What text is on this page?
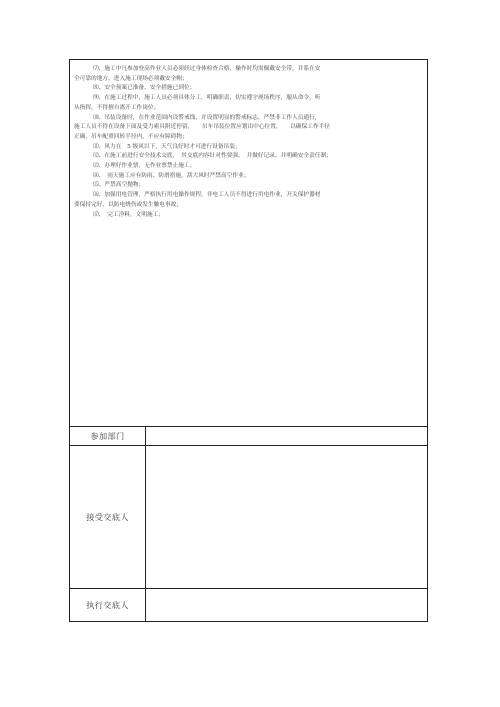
⑺、施工中凡参加登高作业人员必须经过身体检查合格，操作时均需佩戴安全带，并系在安
全可靠的地方，进入施工现场必须戴安全帽；
⑻、安全预案已准备，安全措施已到位；
⑼、在施工过程中，施工人员必须具体分工，明确职责，切实遵守现场秩序，服从命令，听
从指挥，不得擅自离开工作岗位；
⑽、吊装设备时，在作业范围内设警戒线，并设置明显的警戒标志，严禁非工作人员通行，
施工人员不得在设备下面及受力索具附近停留，　　吊车吊装位置应划出中心位置，　　以确保工作半径
正确，吊车配重回转半径内，不应有障碍物；
⑾、风力在　5 级风以下，天气良好时才可进行设备吊装；
⑿、在施工前进行安全技术交底，　其交底内容针对性要强，　并做好记录，并明确安全责任制；
⒀、办理好作业票，无作业票禁止施工；
⒁、　雨天施工应有防雨、防滑措施，刮大风时严禁高空作业；
⒂、严禁高空抛物；
⒃、加强用电管理，严格执行用电操作规程，非电工人员不得进行用电作业，开关保护器材
要保持完好，以防电烧伤或发生触电事故；
⒄、　完工净料，文明施工；
参加部门
接受交底人
执行交底人
